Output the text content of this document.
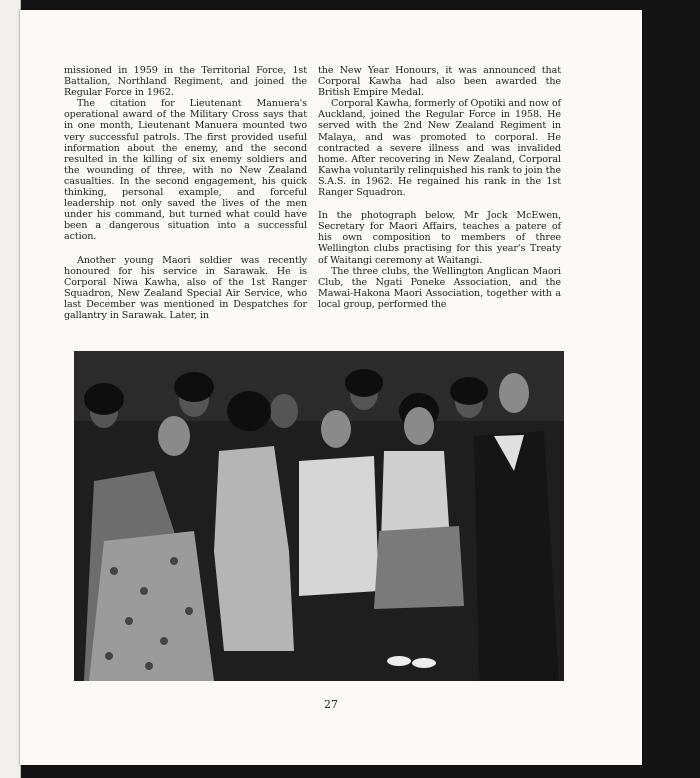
missioned in 1959 in the Territorial Force, 1st Battalion, Northland Regiment, and joined the Regular Force in 1962.

The citation for Lieutenant Manuera's operational award of the Military Cross says that in one month, Lieutenant Manuera mounted two very successful patrols. The first provided useful information about the enemy, and the second resulted in the killing of six enemy soldiers and the wounding of three, with no New Zealand casualties. In the second engagement, his quick thinking, personal example, and forceful leadership not only saved the lives of the men under his command, but turned what could have been a dangerous situation into a successful action.

Another young Maori soldier was recently honoured for his service in Sarawak. He is Corporal Niwa Kawha, also of the 1st Ranger Squadron, New Zealand Special Air Service, who last December was mentioned in Despatches for gallantry in Sarawak. Later, in

the New Year Honours, it was announced that Corporal Kawha had also been awarded the British Empire Medal.

Corporal Kawha, formerly of Opotiki and now of Auckland, joined the Regular Force in 1958. He served with the 2nd New Zealand Regiment in Malaya, and was promoted to corporal. He contracted a severe illness and was invalided home. After recovering in New Zealand, Corporal Kawha voluntarily relinquished his rank to join the S.A.S. in 1962. He regained his rank in the 1st Ranger Squadron.

In the photograph below, Mr Jock McEwen, Secretary for Maori Affairs, teaches a patere of his own composition to members of three Wellington clubs practising for this year's Treaty of Waitangi ceremony at Waitangi.

The three clubs, the Wellington Anglican Maori Club, the Ngati Poneke Association, and the Mawai-Hakona Maori Association, together with a local group, performed the

27
